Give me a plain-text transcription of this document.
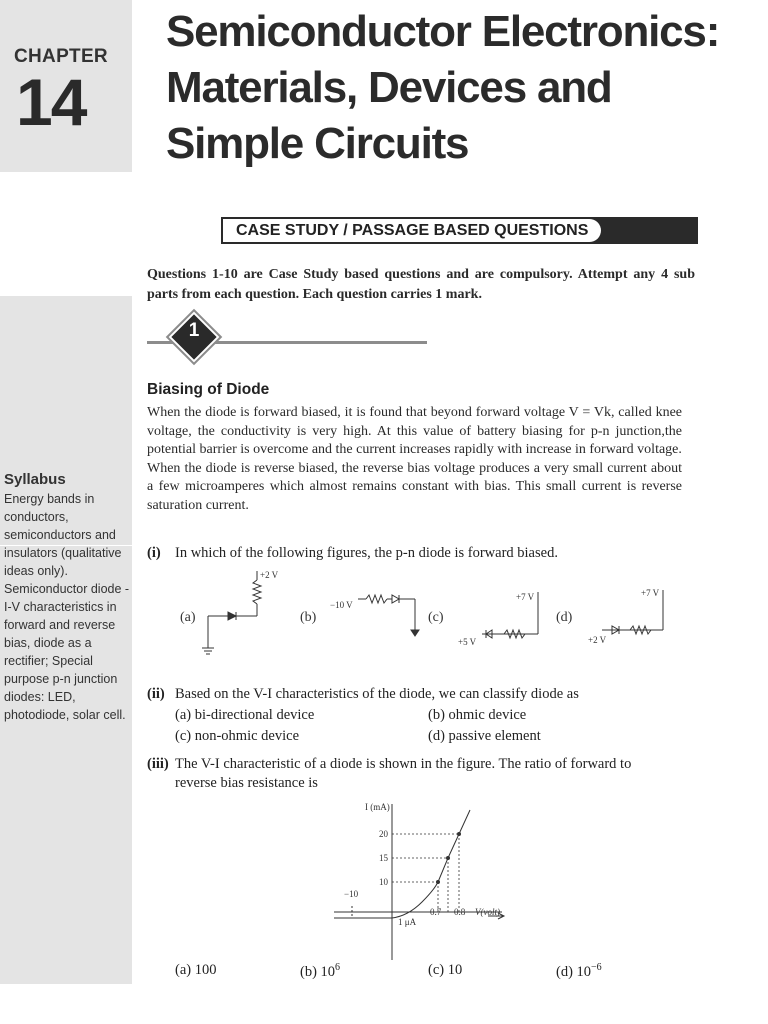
CHAPTER
14
Semiconductor Electronics:
Materials, Devices and
Simple Circuits
CASE STUDY / PASSAGE BASED QUESTIONS
Questions 1-10 are Case Study based questions and are compulsory. Attempt any 4 sub parts from each question. Each question carries 1 mark.
Syllabus
Energy bands in conductors, semiconductors and insulators (qualitative ideas only). Semiconductor diode - I-V characteristics in forward and reverse bias, diode as a rectifier; Special purpose p-n junction diodes: LED, photodiode, solar cell.
1
Biasing of Diode

When the diode is forward biased, it is found that beyond forward voltage V = Vk, called knee voltage, the conductivity is very high. At this value of battery biasing for p-n junction,the potential barrier is overcome and the current increases rapidly with increase in forward voltage.

When the diode is reverse biased, the reverse bias voltage produces a very small current about a few microamperes which almost remains constant with bias. This small current is reverse saturation current.

(i) In which of the following figures, the p-n diode is forward biased.
(a)
+2 V
(b)
−10 V
(c)
+7 V
+5 V
(d)
+7 V
+2 V
(ii) Based on the V-I characteristics of the diode, we can classify diode as
(a) bi-directional device	(b) ohmic device
(c) non-ohmic device	(d) passive element
(iii) The V-I characteristic of a diode is shown in the figure. The ratio of forward to
reverse bias resistance is
I (mA)
20
15
10
−10
0.7 0.8 V(volt)
1 μA
(a) 100	(b) $10^6$	(c) 10	(d) $10^{-6}$
